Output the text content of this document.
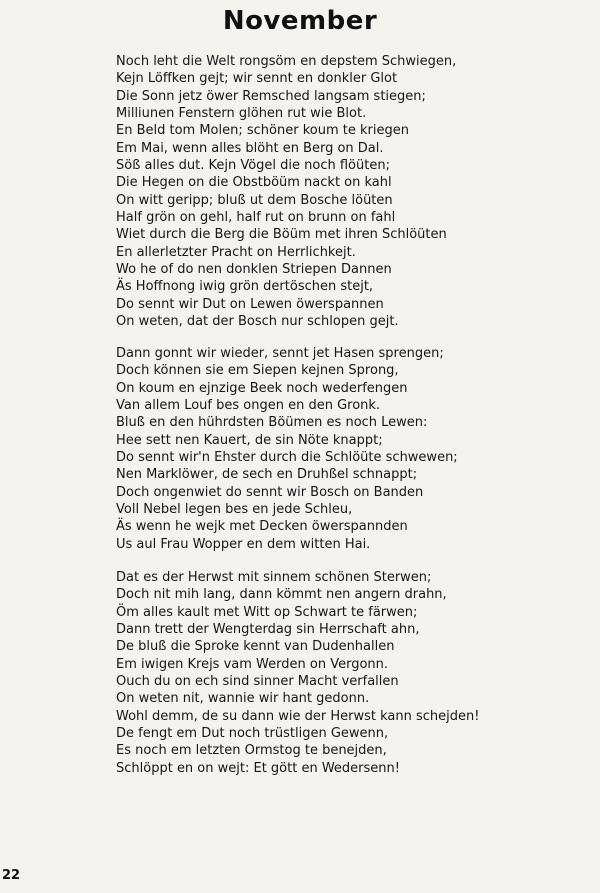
November
Noch leht die Welt rongsöm en depstem Schwiegen,
Kejn Löffken gejt; wir sennt en donkler Glot
Die Sonn jetz öwer Remsched langsam stiegen;
Milliunen Fenstern glöhen rut wie Blot.
En Beld tom Molen; schöner koum te kriegen
Em Mai, wenn alles blöht en Berg on Dal.
Söß alles dut. Kejn Vögel die noch flöüten;
Die Hegen on die Obstböüm nackt on kahl
On witt geripp; bluß ut dem Bosche löüten
Half grön on gehl, half rut on brunn on fahl
Wiet durch die Berg die Böüm met ihren Schlöüten
En allerletzter Pracht on Herrlichkejt.
Wo he of do nen donklen Striepen Dannen
Äs Hoffnong iwig grön dertöschen stejt,
Do sennt wir Dut on Lewen öwerspannen
On weten, dat der Bosch nur schlopen gejt.
Dann gonnt wir wieder, sennt jet Hasen sprengen;
Doch können sie em Siepen kejnen Sprong,
On koum en ejnzige Beek noch wederfengen
Van allem Louf bes ongen en den Gronk.
Bluß en den hührdsten Böümen es noch Lewen:
Hee sett nen Kauert, de sin Nöte knappt;
Do sennt wir'n Ehster durch die Schlöüte schwewen;
Nen Marklöwer, de sech en Druhßel schnappt;
Doch ongenwiet do sennt wir Bosch on Banden
Voll Nebel legen bes en jede Schleu,
Äs wenn he wejk met Decken öwerspannden
Us aul Frau Wopper en dem witten Hai.
Dat es der Herwst mit sinnem schönen Sterwen;
Doch nit mih lang, dann kömmt nen angern drahn,
Öm alles kault met Witt op Schwart te färwen;
Dann trett der Wengterdag sin Herrschaft ahn,
De bluß die Sproke kennt van Dudenhallen
Em iwigen Krejs vam Werden on Vergonn.
Ouch du on ech sind sinner Macht verfallen
On weten nit, wannie wir hant gedonn.
Wohl demm, de su dann wie der Herwst kann schejden!
De fengt em Dut noch trüstligen Gewenn,
Es noch em letzten Ormstog te benejden,
Schlöppt en on wejt: Et gött en Wedersenn!
22
